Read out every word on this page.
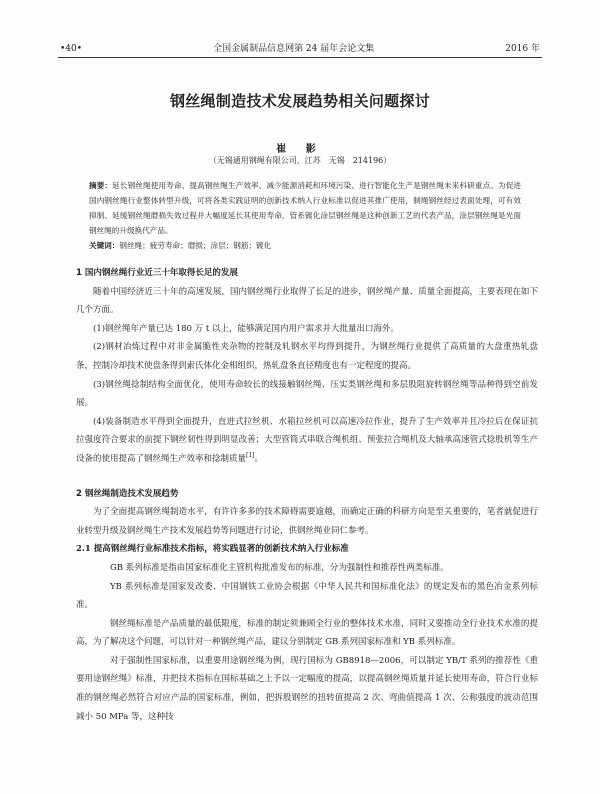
•40•	全国金属制品信息网第 24 届年会论文集	2016 年
钢丝绳制造技术发展趋势相关问题探讨
崔 影
（无锡通用钢绳有限公司，江苏　无锡　214196）

摘要：延长钢丝绳使用寿命、提高钢丝绳生产效率、减少能源消耗和环境污染、进行智能化生产是钢丝绳未来科研重点。为促进国内钢丝绳行业整体转型升级，可将各类实践证明的创新技术纳入行业标准以促进其推广使用，制绳钢丝经过表面处理，可有效抑制、延缓钢丝绳磨损失效过程并大幅度延长其使用寿命，管系镀化涂层钢丝绳是这种创新工艺的代表产品，涂层钢丝绳是光面钢丝绳的升级换代产品。

关键词：钢丝绳；疲劳寿命；磨损；涂层；钢筋；镀化

1 国内钢丝绳行业近三十年取得长足的发展

随着中国经济近三十年的高速发展，国内钢丝绳行业取得了长足的进步，钢丝绳产量、质量全面提高，主要表现在如下几个方面。

(1)钢丝绳年产量已达 180 万 t 以上，能够满足国内用户需求并大批量出口海外。

(2)钢材冶炼过程中对非金属脆性夹杂物的控制及轧钢水平均得到提升，为钢丝绳行业提供了高质量的大盘重热轧盘条，控制冷却技术使盘条得到索氏体化金相组织，热轧盘条直径精度也有一定程度的提高。

(3)钢丝绳捻制结构全面优化，使用寿命较长的线接触钢丝绳、压实类钢丝绳和多层股阻旋转钢丝绳等品种得到空前发展。

(4)装备制造水平得到全面提升，直进式拉丝机、水箱拉丝机可以高速冷拉作业，提升了生产效率并且冷拉后在保证抗拉强度符合要求的前提下钢丝韧性得到明显改善；大型管筒式串联合绳机组、预张拉合绳机及大轴承高速管式捻股机等生产设备的使用提高了钢丝绳生产效率和捻制质量[1]。

2 钢丝绳制造技术发展趋势

为了全面提高钢丝绳制造水平，有许许多多的技术障碍需要逾越，而确定正确的科研方向是至关重要的，笔者就促进行业转型升级及钢丝绳生产技术发展趋势等问题进行讨论，供钢丝绳业同仁参考。

2.1 提高钢丝绳行业标准技术指标，将实践显著的创新技术纳入行业标准

GB 系列标准是指由国家标准化主管机构批准发布的标准，分为强制性和推荐性两类标准。

YB 系列标准是国家发改委、中国钢铁工业协会根据《中华人民共和国标准化法》的规定发布的黑色冶金系列标准。

钢丝绳标准是产品质量的最低限度，标准的制定须兼顾全行业的整体技术水准，同时又要推动全行业技术水准的提高，为了解决这个问题，可以针对一种钢丝绳产品，建议分别制定 GB 系列国家标准和 YB 系列标准。

对于强制性国家标准，以重要用途钢丝绳为例，现行国标为 GB8918—2006，可以制定 YB/T 系列的推荐性《重要用途钢丝绳》标准，并把技术指标在国标基础之上予以一定幅度的提高，以提高钢丝绳质量并延长使用寿命，符合行业标准的钢丝绳必然符合对应产品的国家标准，例如，把拆股钢丝的扭转值提高 2 次、弯曲值提高 1 次、公称强度的波动范围减小 50 MPa 等，这种技
